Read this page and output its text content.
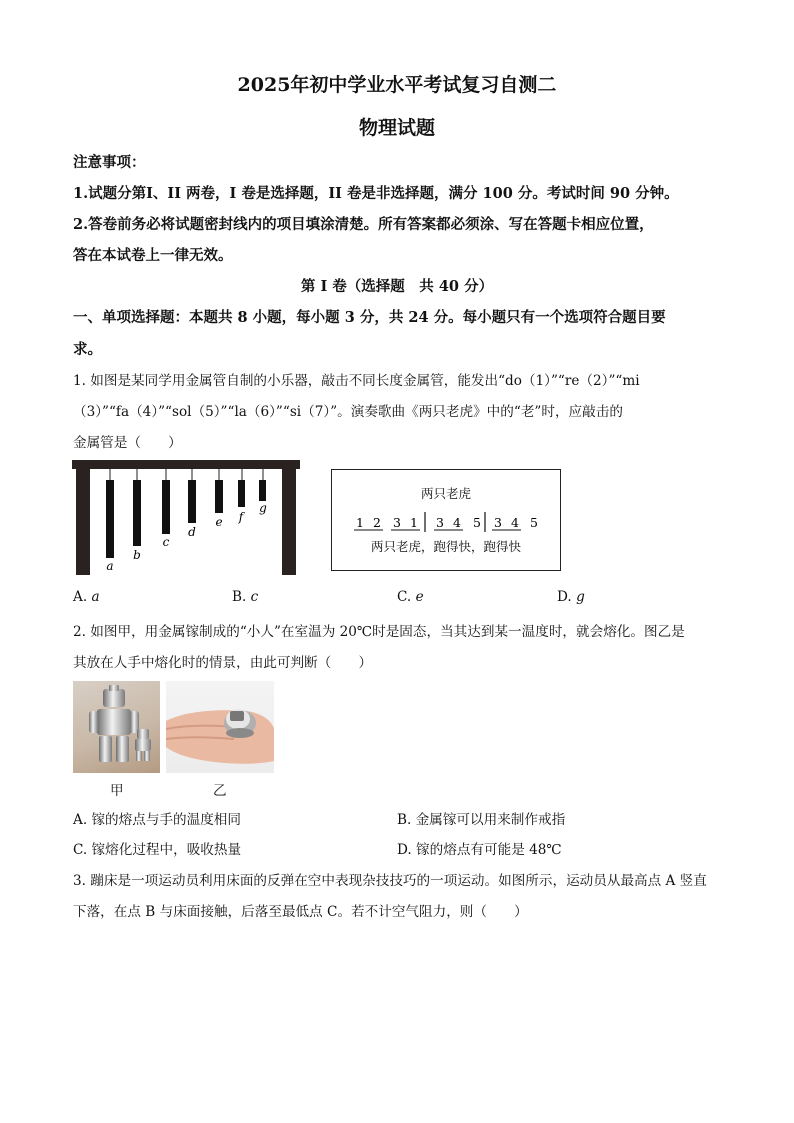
2025年初中学业水平考试复习自测二
物理试题
注意事项：
1.试题分第I、II 两卷，I 卷是选择题，II 卷是非选择题，满分 100 分。考试时间 90 分钟。
2.答卷前务必将试题密封线内的项目填涂清楚。所有答案都必须涂、写在答题卡相应位置，
答在本试卷上一律无效。
第 I 卷（选择题　共 40 分）
一、单项选择题：本题共 8 小题，每小题 3 分，共 24 分。每小题只有一个选项符合题目要
求。
1. 如图是某同学用金属管自制的小乐器，敲击不同长度金属管，能发出“do（1）”“re（2）”“mi
（3）”“fa（4）”“sol（5）”“la（6）”“si（7）”。演奏歌曲《两只老虎》中的“老”时，应敲击的
金属管是（　　）
a
b
c
d
e f
g
两只老虎
1 2 3 1 3 4 5 3 4 5
两只老虎，跑得快，跑得快
A. a	B. c	C. e	D. g
2. 如图甲，用金属镓制成的“小人”在室温为 20℃时是固态，当其达到某一温度时，就会熔化。图乙是
其放在人手中熔化时的情景，由此可判断（　　）
甲	乙
A. 镓的熔点与手的温度相同	B. 金属镓可以用来制作戒指
C. 镓熔化过程中，吸收热量	D. 镓的熔点有可能是 48℃
3. 蹦床是一项运动员利用床面的反弹在空中表现杂技技巧的一项运动。如图所示，运动员从最高点 A 竖直
下落，在点 B 与床面接触，后落至最低点 C。若不计空气阻力，则（　　）
